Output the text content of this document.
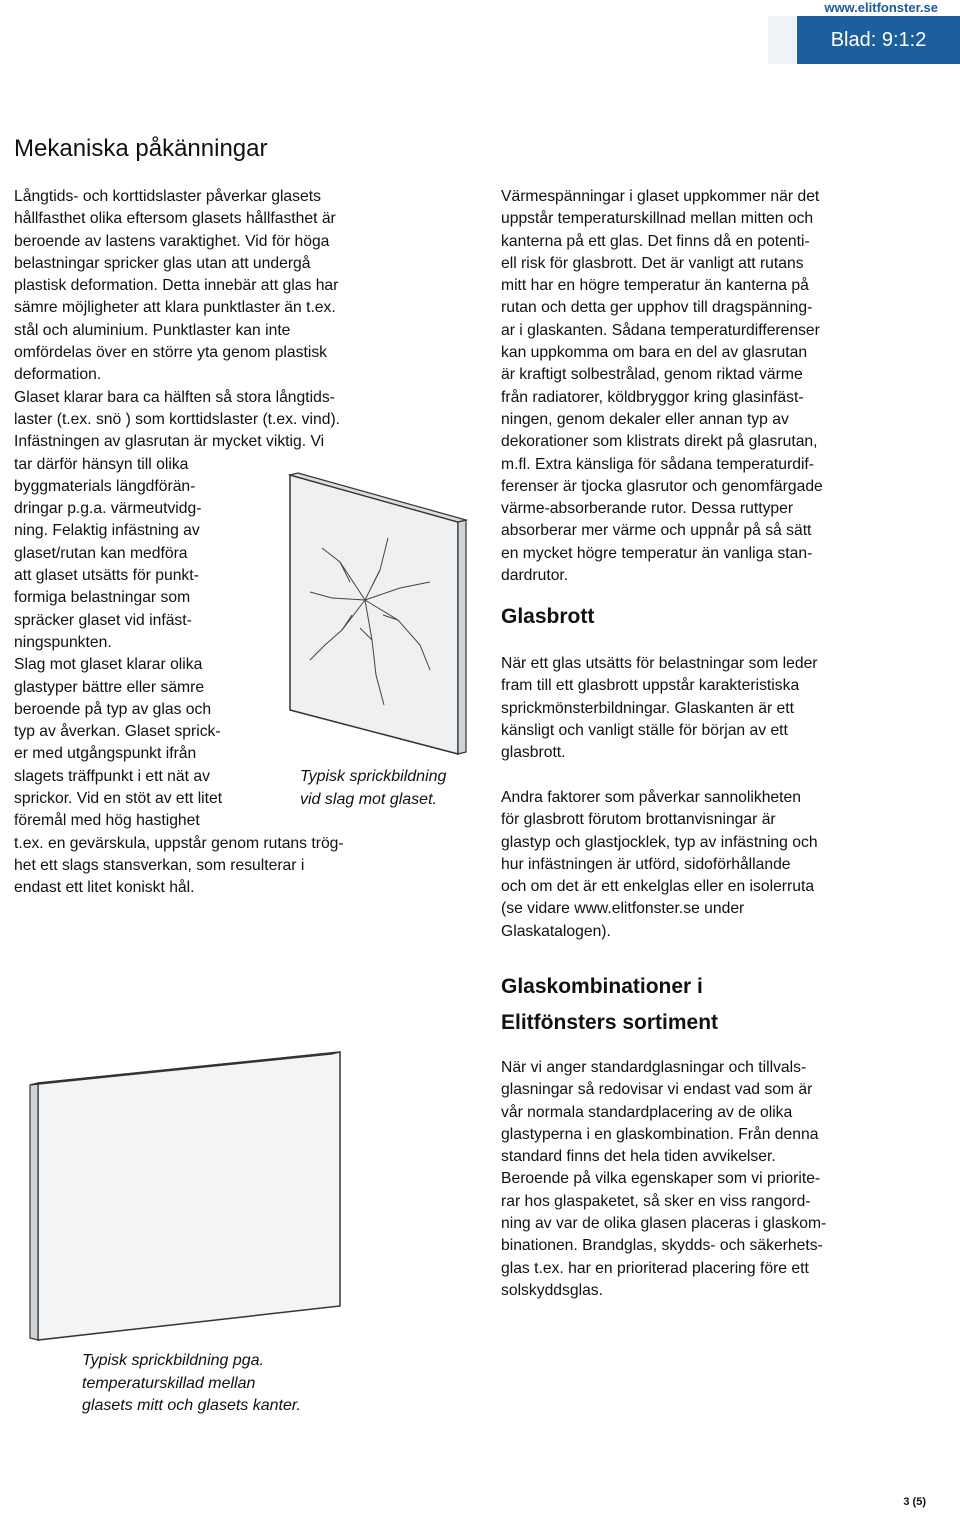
www.elitfonster.se
Blad: 9:1:2
Mekaniska påkänningar
Långtids- och korttidslaster påverkar glasets
hållfasthet olika eftersom glasets hållfasthet är
beroende av lastens varaktighet. Vid för höga
belastningar spricker glas utan att undergå
plastisk deformation. Detta innebär att glas har
sämre möjligheter att klara punktlaster än t.ex.
stål och aluminium. Punktlaster kan inte
omfördelas över en större yta genom plastisk
deformation.
Glaset klarar bara ca hälften så stora långtids-
laster (t.ex. snö ) som korttidslaster (t.ex. vind).
Infästningen av glasrutan är mycket viktig. Vi
tar därför hänsyn till olika
byggmaterials längdförän-
dringar p.g.a. värmeutvidg-
ning. Felaktig infästning av
glaset/rutan kan medföra
att glaset utsätts för punkt-
formiga belastningar som
spräcker glaset vid infäst-
ningspunkten.
Slag mot glaset klarar olika
glastyper bättre eller sämre
beroende på typ av glas och
typ av åverkan. Glaset sprick-
er med utgångspunkt ifrån
slagets träffpunkt i ett nät av
sprickor. Vid en stöt av ett litet
föremål med hög hastighet
t.ex. en gevärskula, uppstår genom rutans trög-
het ett slags stansverkan, som resulterar i
endast ett litet koniskt hål.
Typisk sprickbildning
vid slag mot glaset.
Typisk sprickbildning pga.
temperaturskillad mellan
glasets mitt och glasets kanter.
Värmespänningar i glaset uppkommer när det
uppstår temperaturskillnad mellan mitten och
kanterna på ett glas. Det finns då en potenti-
ell risk för glasbrott. Det är vanligt att rutans
mitt har en högre temperatur än kanterna på
rutan och detta ger upphov till dragspänning-
ar i glaskanten. Sådana temperaturdifferenser
kan uppkomma om bara en del av glasrutan
är kraftigt solbestrålad, genom riktad värme
från radiatorer, köldbryggor kring glasinfäst-
ningen, genom dekaler eller annan typ av
dekorationer som klistrats direkt på glasrutan,
m.fl. Extra känsliga för sådana temperaturdif-
ferenser är tjocka glasrutor och genomfärgade
värme-absorberande rutor. Dessa ruttyper
absorberar mer värme och uppnår på så sätt
en mycket högre temperatur än vanliga stan-
dardrutor.
Glasbrott
När ett glas utsätts för belastningar som leder
fram till ett glasbrott uppstår karakteristiska
sprickmönsterbildningar. Glaskanten är ett
känsligt och vanligt ställe för början av ett
glasbrott.
Andra faktorer som påverkar sannolikheten
för glasbrott förutom brottanvisningar är
glastyp och glastjocklek, typ av infästning och
hur infästningen är utförd, sidoförhållande
och om det är ett enkelglas eller en isolerruta
(se vidare www.elitfonster.se under
Glaskatalogen).
Glaskombinationer i
Elitfönsters sortiment
När vi anger standardglasningar och tillvals-
glasningar så redovisar vi endast vad som är
vår normala standardplacering av de olika
glastyperna i en glaskombination. Från denna
standard finns det hela tiden avvikelser.
Beroende på vilka egenskaper som vi priorite-
rar hos glaspaketet, så sker en viss rangord-
ning av var de olika glasen placeras i glaskom-
binationen. Brandglas, skydds- och säkerhets-
glas t.ex. har en prioriterad placering före ett
solskyddsglas.
3 (5)
